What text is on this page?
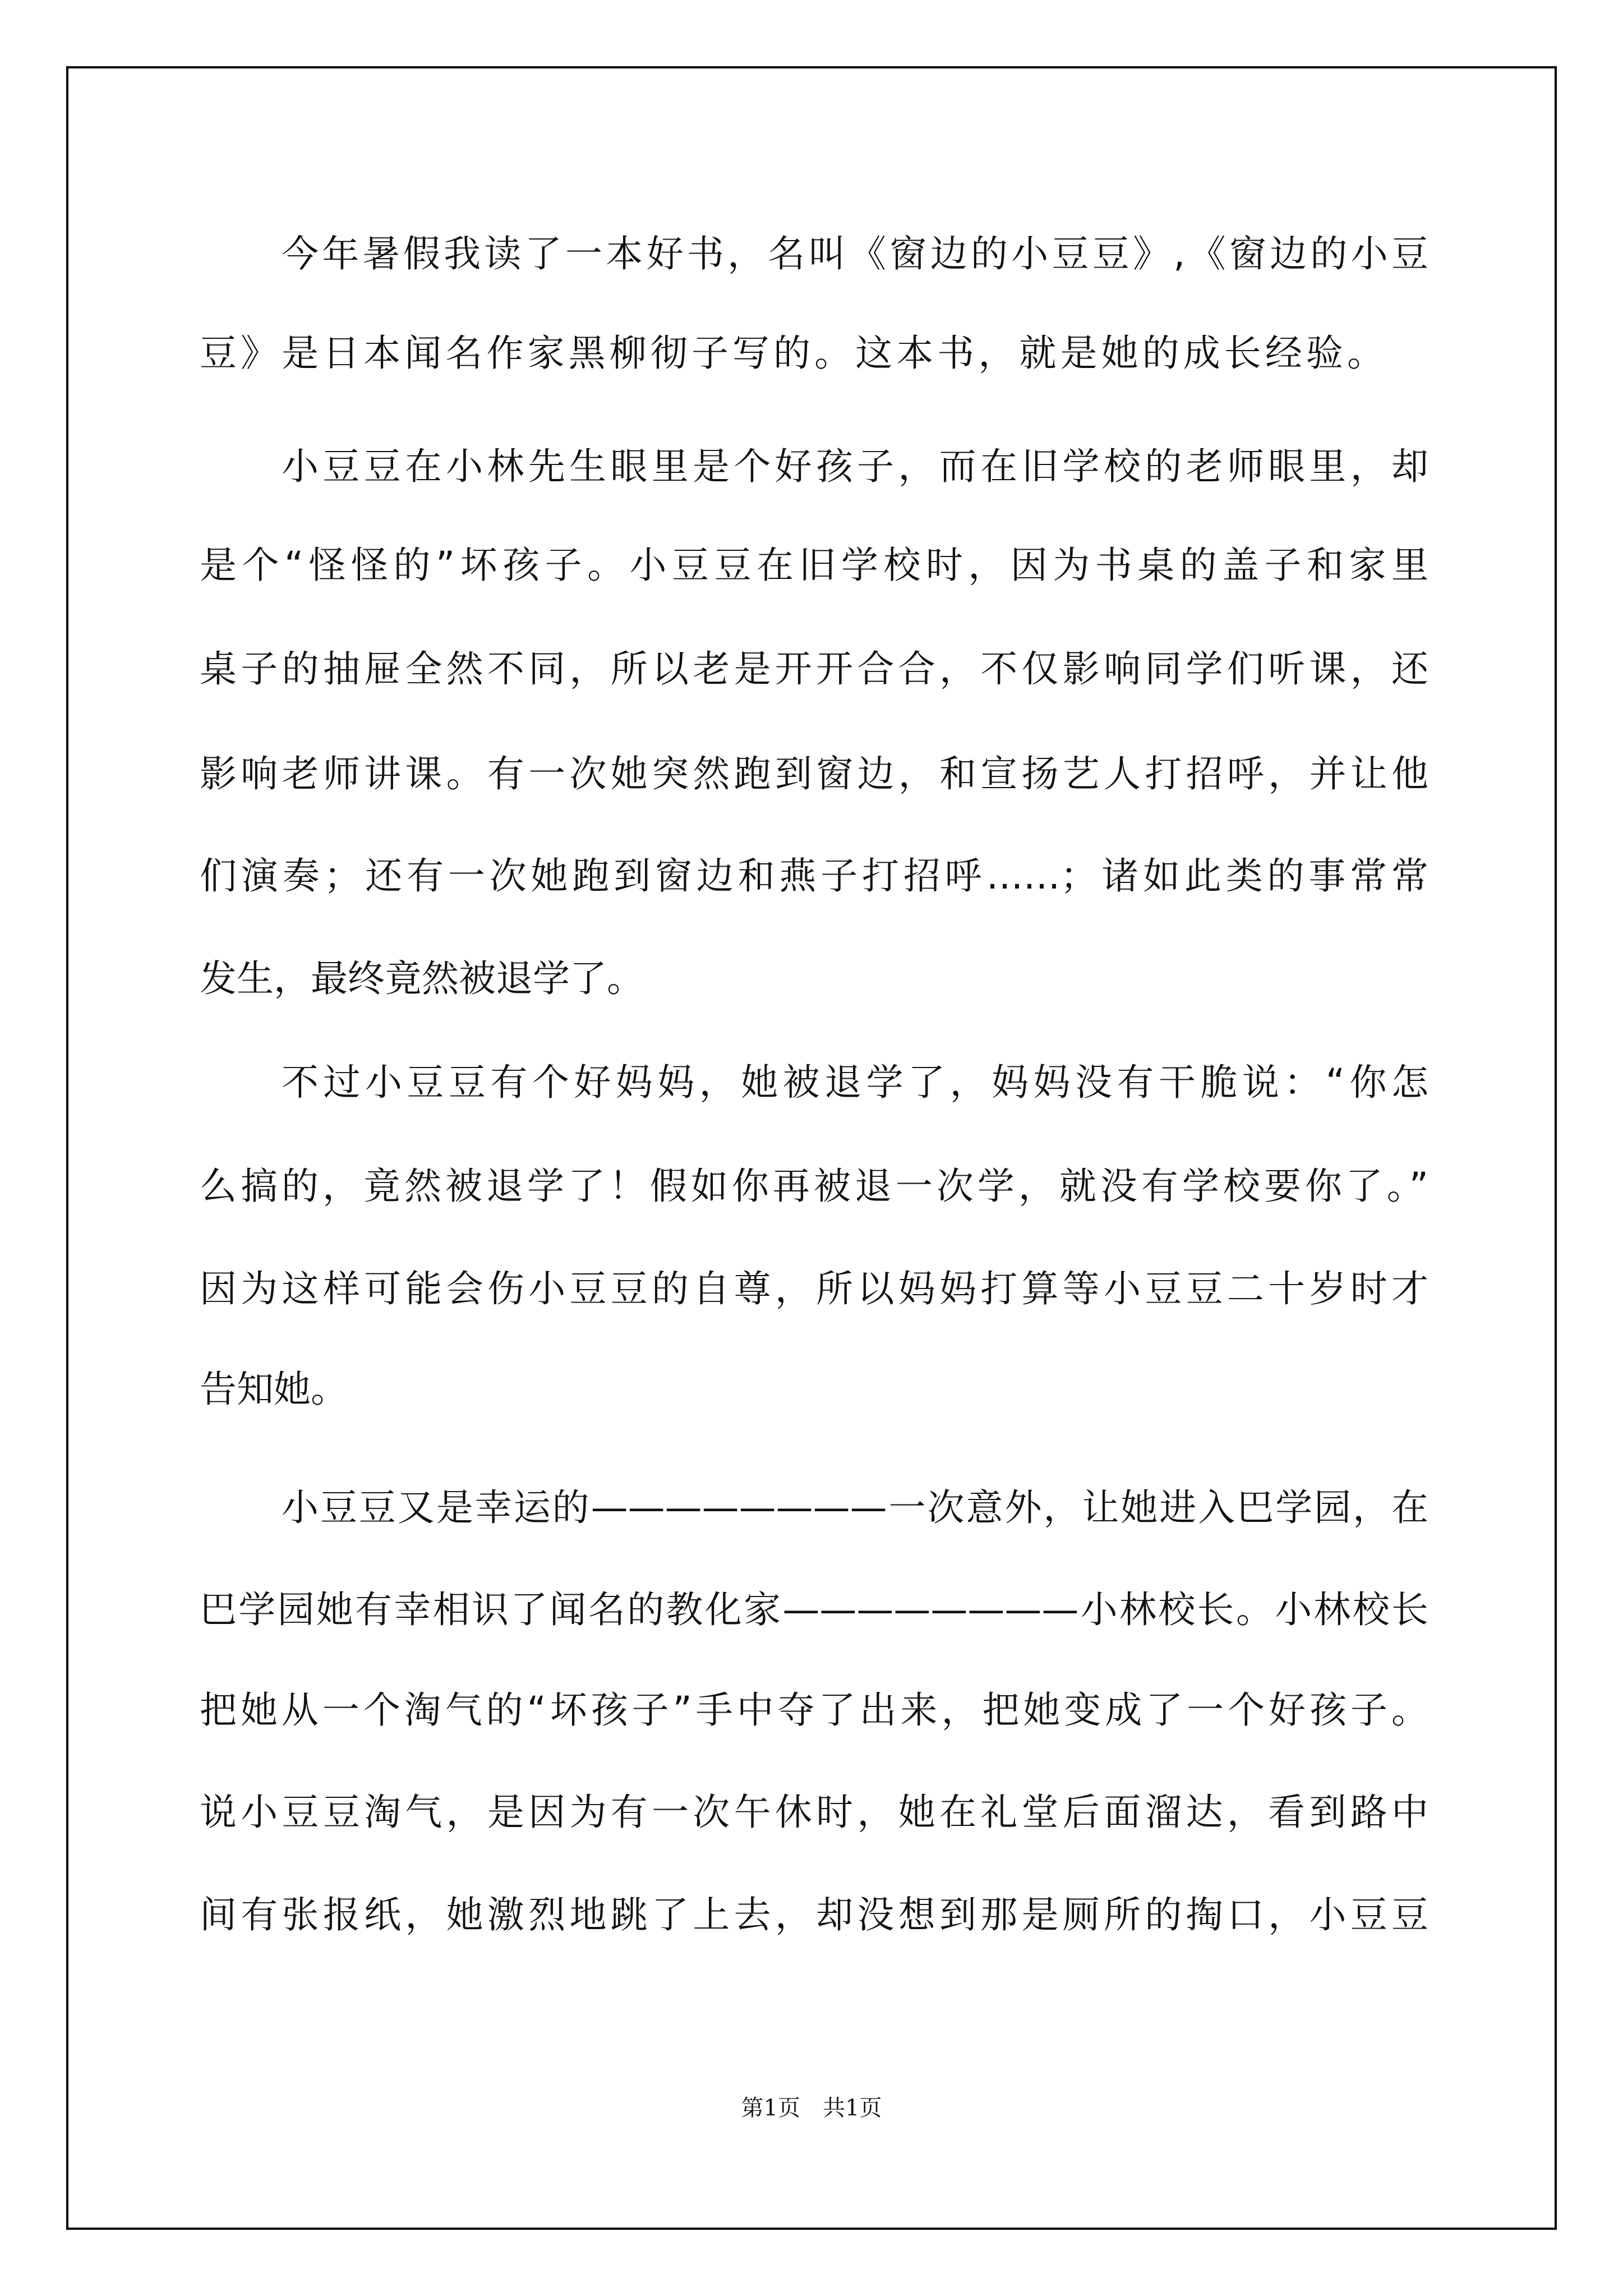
今年暑假我读了一本好书，名叫《窗边的小豆豆》,《窗边的小豆
豆》是日本闻名作家黑柳彻子写的。这本书，就是她的成长经验。
小豆豆在小林先生眼里是个好孩子，而在旧学校的老师眼里，却
是个“怪怪的”坏孩子。小豆豆在旧学校时，因为书桌的盖子和家里
桌子的抽屉全然不同，所以老是开开合合，不仅影响同学们听课，还
影响老师讲课。有一次她突然跑到窗边，和宣扬艺人打招呼，并让他
们演奏；还有一次她跑到窗边和燕子打招呼……；诸如此类的事常常
发生，最终竟然被退学了。
不过小豆豆有个好妈妈，她被退学了，妈妈没有干脆说：“你怎
么搞的，竟然被退学了！假如你再被退一次学，就没有学校要你了。”
因为这样可能会伤小豆豆的自尊，所以妈妈打算等小豆豆二十岁时才
告知她。
小豆豆又是幸运的————————一次意外，让她进入巴学园，在
巴学园她有幸相识了闻名的教化家————————小林校长。小林校长
把她从一个淘气的“坏孩子”手中夺了出来，把她变成了一个好孩子。
说小豆豆淘气，是因为有一次午休时，她在礼堂后面溜达，看到路中
间有张报纸，她激烈地跳了上去，却没想到那是厕所的掏口，小豆豆
第1页　共1页
